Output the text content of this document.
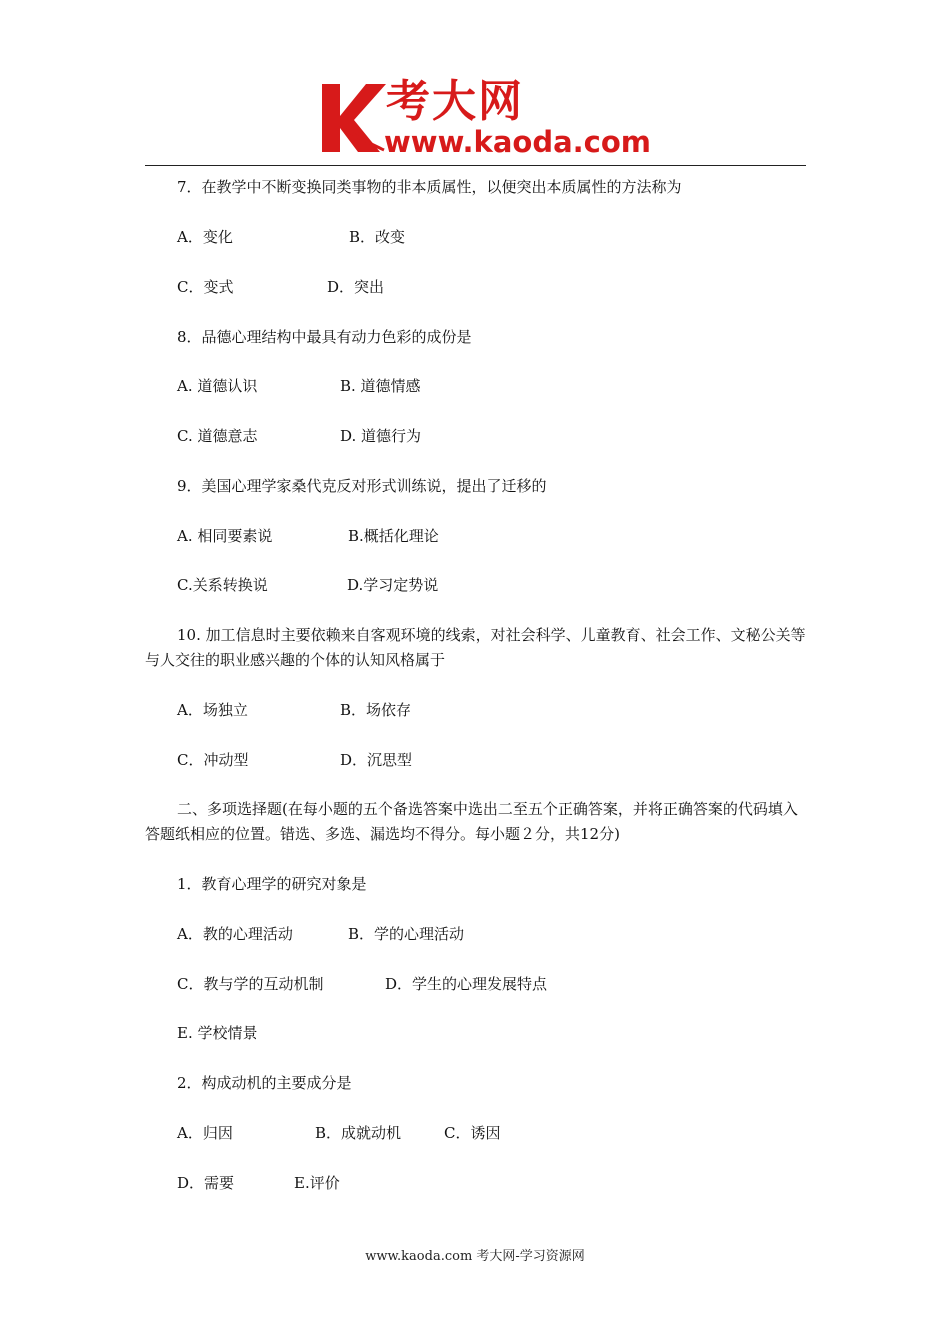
考大网
www.kaoda.com
7．在教学中不断变换同类事物的非本质属性，以便突出本质属性的方法称为
A．变化	B．改变
C．变式	D．突出
8．品德心理结构中最具有动力色彩的成份是
A. 道德认识	B. 道德情感
C. 道德意志	D. 道德行为
9．美国心理学家桑代克反对形式训练说，提出了迁移的
A. 相同要素说	B.概括化理论
C.关系转换说	D.学习定势说
10. 加工信息时主要依赖来自客观环境的线索，对社会科学、儿童教育、社会工作、文秘公关等与人交往的职业感兴趣的个体的认知风格属于
A．场独立	B．场依存
C．冲动型	D．沉思型
二、多项选择题(在每小题的五个备选答案中选出二至五个正确答案，并将正确答案的代码填入答题纸相应的位置。错选、多选、漏选均不得分。每小题２分，共12分)
1．教育心理学的研究对象是
A．教的心理活动	B．学的心理活动
C．教与学的互动机制	D．学生的心理发展特点
E. 学校情景
2．构成动机的主要成分是
A．归因	B．成就动机	C．诱因
D．需要	E.评价
www.kaoda.com 考大网-学习资源网
